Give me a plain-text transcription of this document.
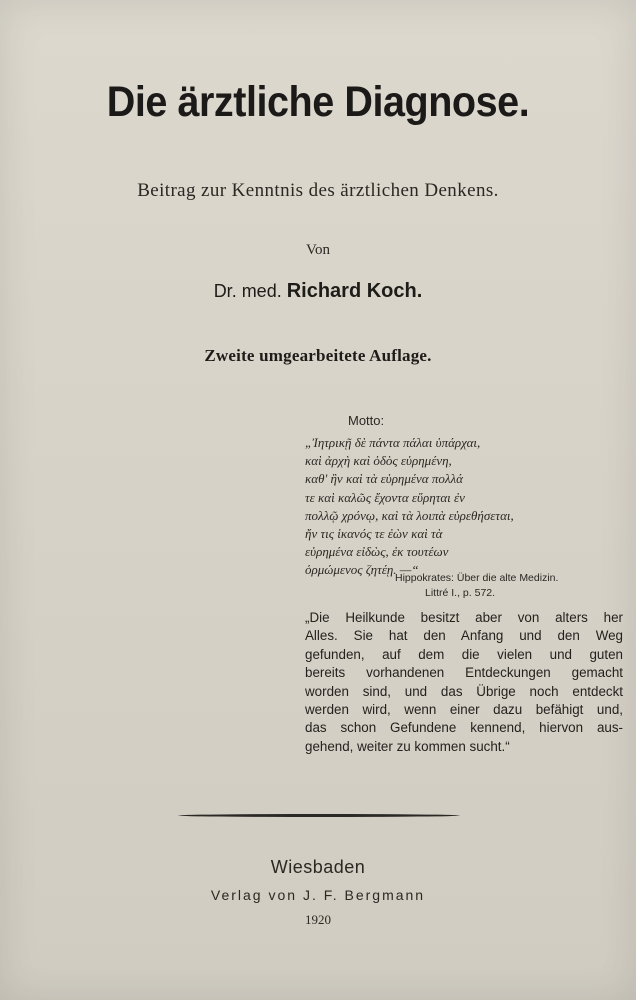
Die ärztliche Diagnose.
Beitrag zur Kenntnis des ärztlichen Denkens.
Von
Dr. med. Richard Koch.
Zweite umgearbeitete Auflage.
Motto:
„Ἰητρικῇ δὲ πάντα πάλαι ὑπάρχαι,
καὶ ἀρχὴ καὶ ὁδὸς εὑρημένη,
καθ' ἣν καὶ τὰ εὑρημένα πολλά
τε καὶ καλῶς ἔχοντα εὕρηται ἐν
πολλῷ χρόνῳ, καὶ τὰ λοιπὰ εὑρεθήσεται,
ἤν τις ἱκανός τε ἐὼν καὶ τὰ
εὑρημένα εἰδὼς, ἐκ τουτέων
ὁρμώμενος ζητέῃ. —“
Hippokrates: Über die alte Medizin.
Littré I., p. 572.
„Die Heilkunde besitzt aber von alters her
Alles. Sie hat den Anfang und den Weg
gefunden, auf dem die vielen und guten
bereits vorhandenen Entdeckungen gemacht
worden sind, und das Übrige noch entdeckt
werden wird, wenn einer dazu befähigt und,
das schon Gefundene kennend, hiervon aus-
gehend, weiter zu kommen sucht.“
Wiesbaden
Verlag von J. F. Bergmann
1920
